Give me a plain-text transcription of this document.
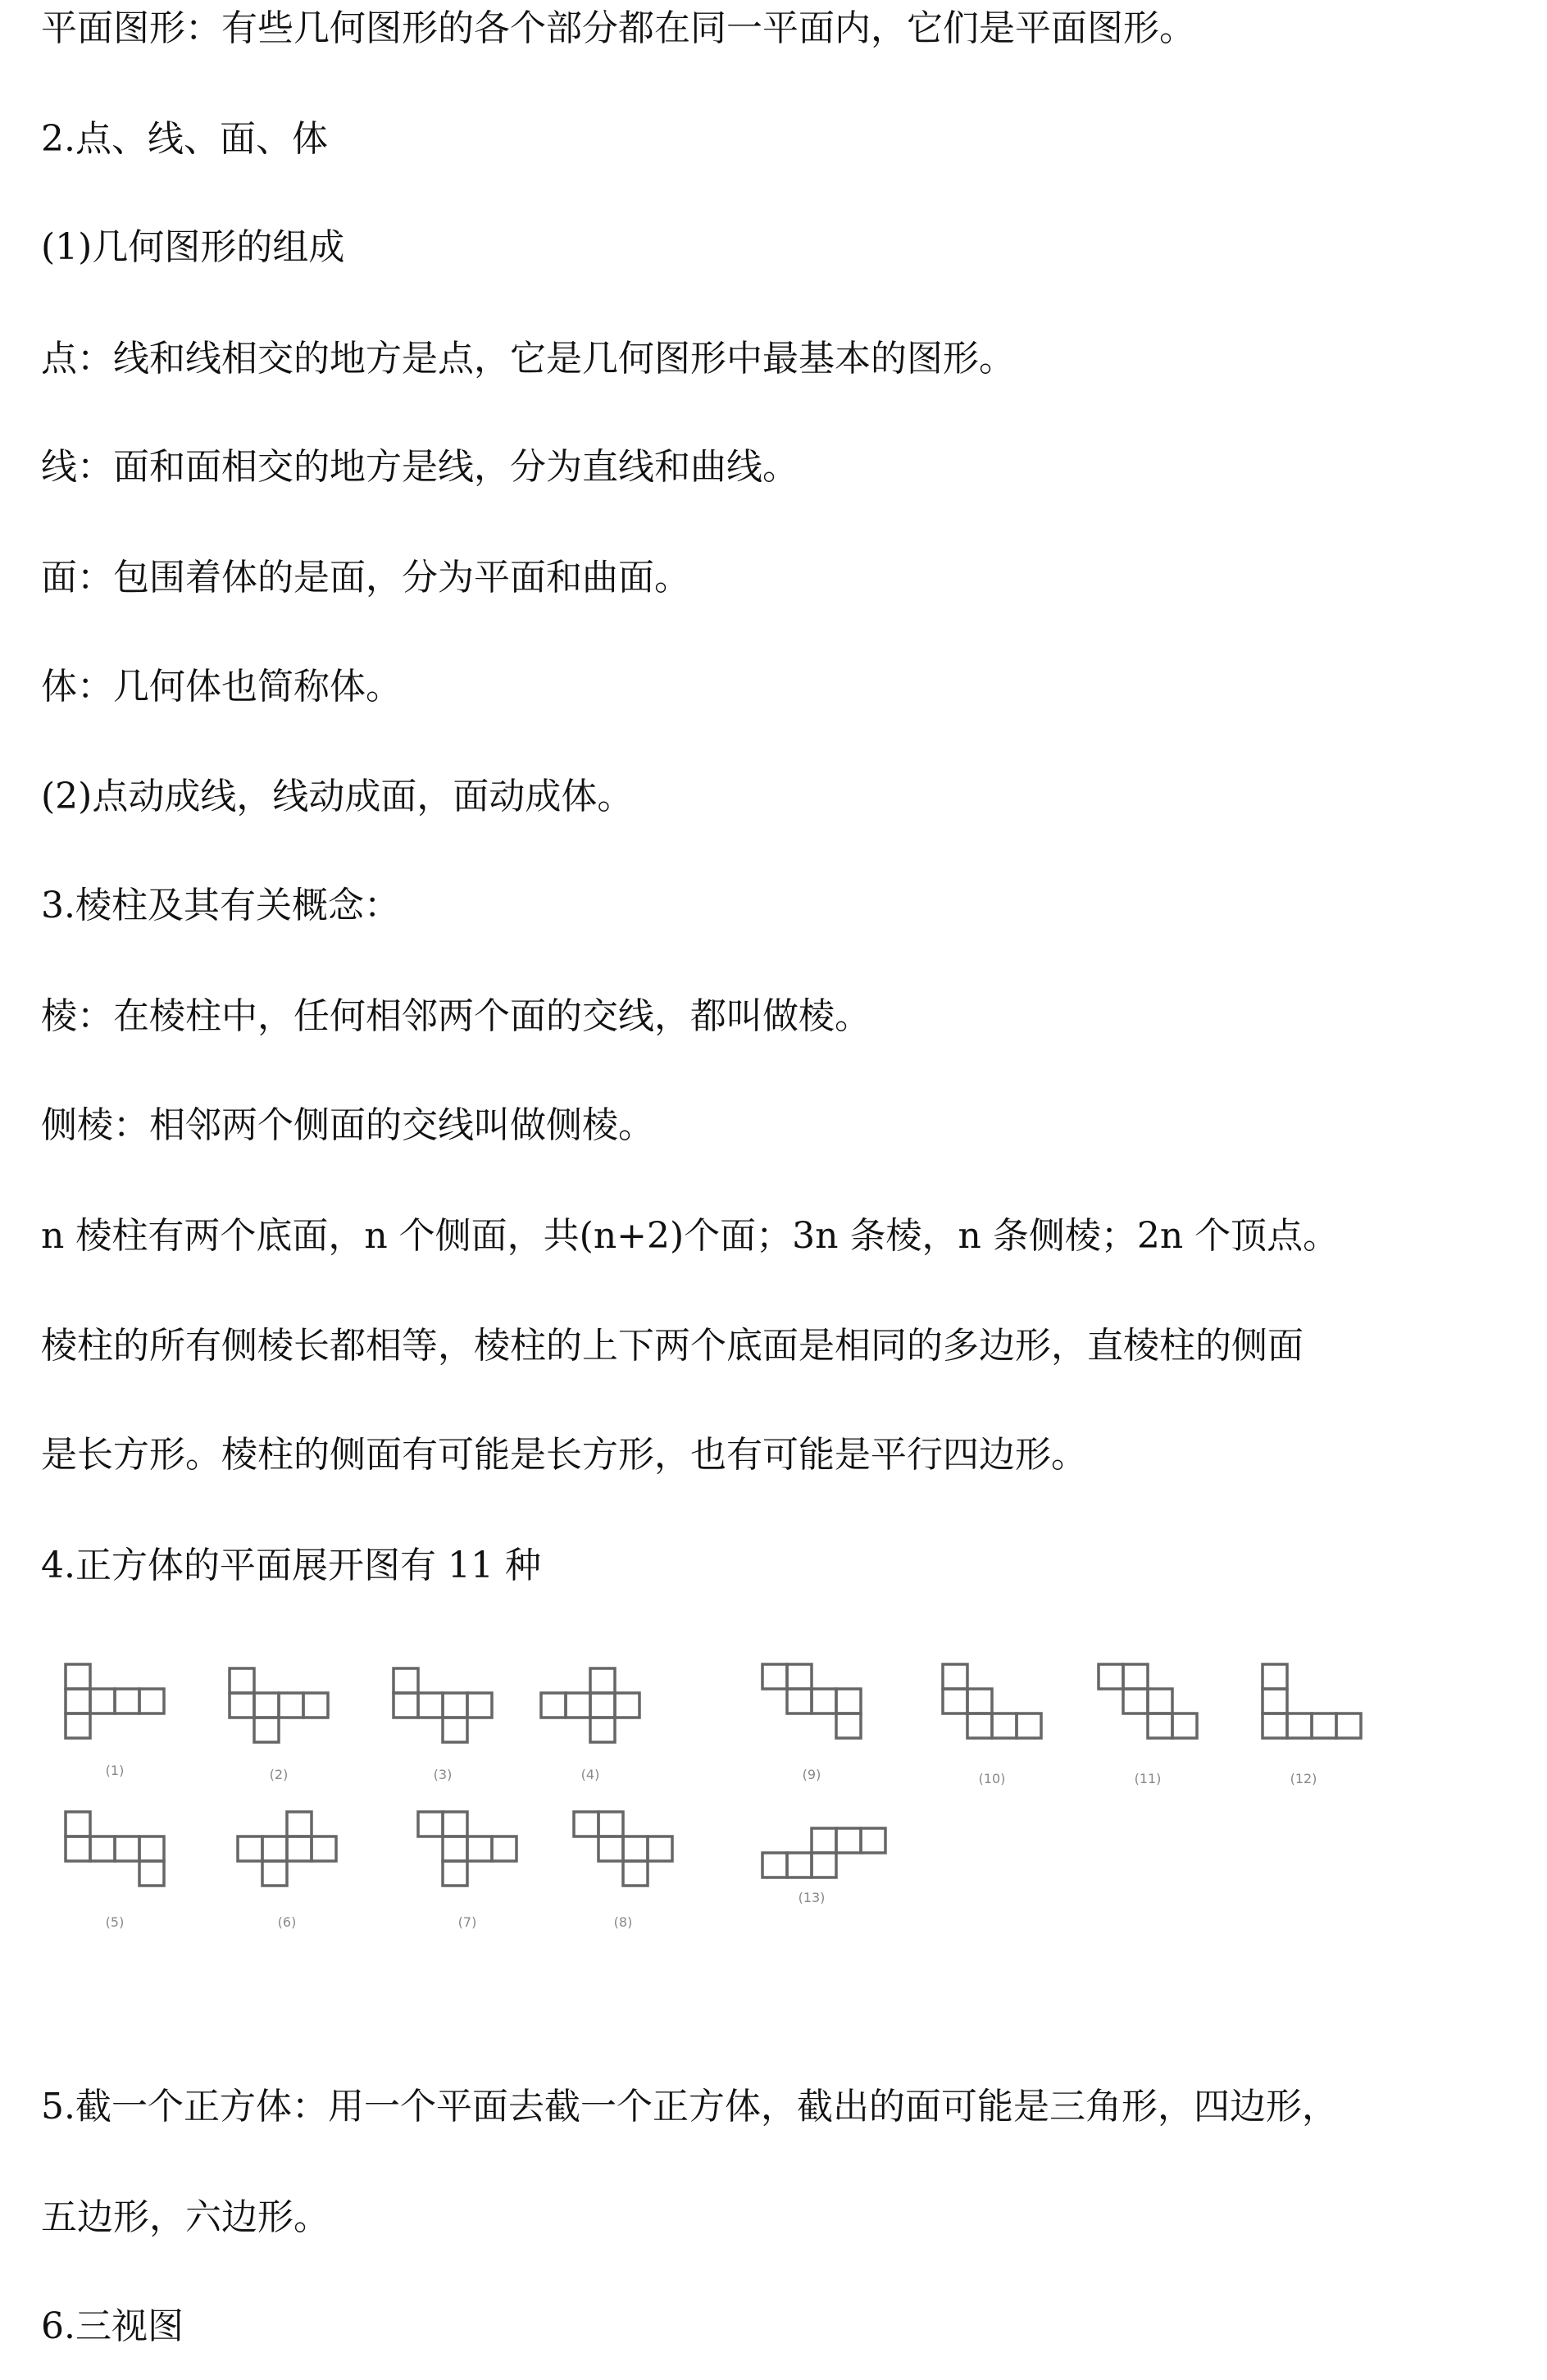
平面图形：有些几何图形的各个部分都在同一平面内，它们是平面图形。
2.点、线、面、体
(1)几何图形的组成
点：线和线相交的地方是点，它是几何图形中最基本的图形。
线：面和面相交的地方是线，分为直线和曲线。
面：包围着体的是面，分为平面和曲面。
体：几何体也简称体。
(2)点动成线，线动成面，面动成体。
3.棱柱及其有关概念：
棱：在棱柱中，任何相邻两个面的交线，都叫做棱。
侧棱：相邻两个侧面的交线叫做侧棱。
n 棱柱有两个底面，n 个侧面，共(n+2)个面；3n 条棱，n 条侧棱；2n 个顶点。
棱柱的所有侧棱长都相等，棱柱的上下两个底面是相同的多边形，直棱柱的侧面
是长方形。棱柱的侧面有可能是长方形，也有可能是平行四边形。
4.正方体的平面展开图有 11 种
(1)	(2)	(3)	(4)	(9)	(10)	(11)	(12)
(5)	(6)	(7)	(8)
(13)
5.截一个正方体：用一个平面去截一个正方体，截出的面可能是三角形，四边形，
五边形，六边形。
6.三视图
